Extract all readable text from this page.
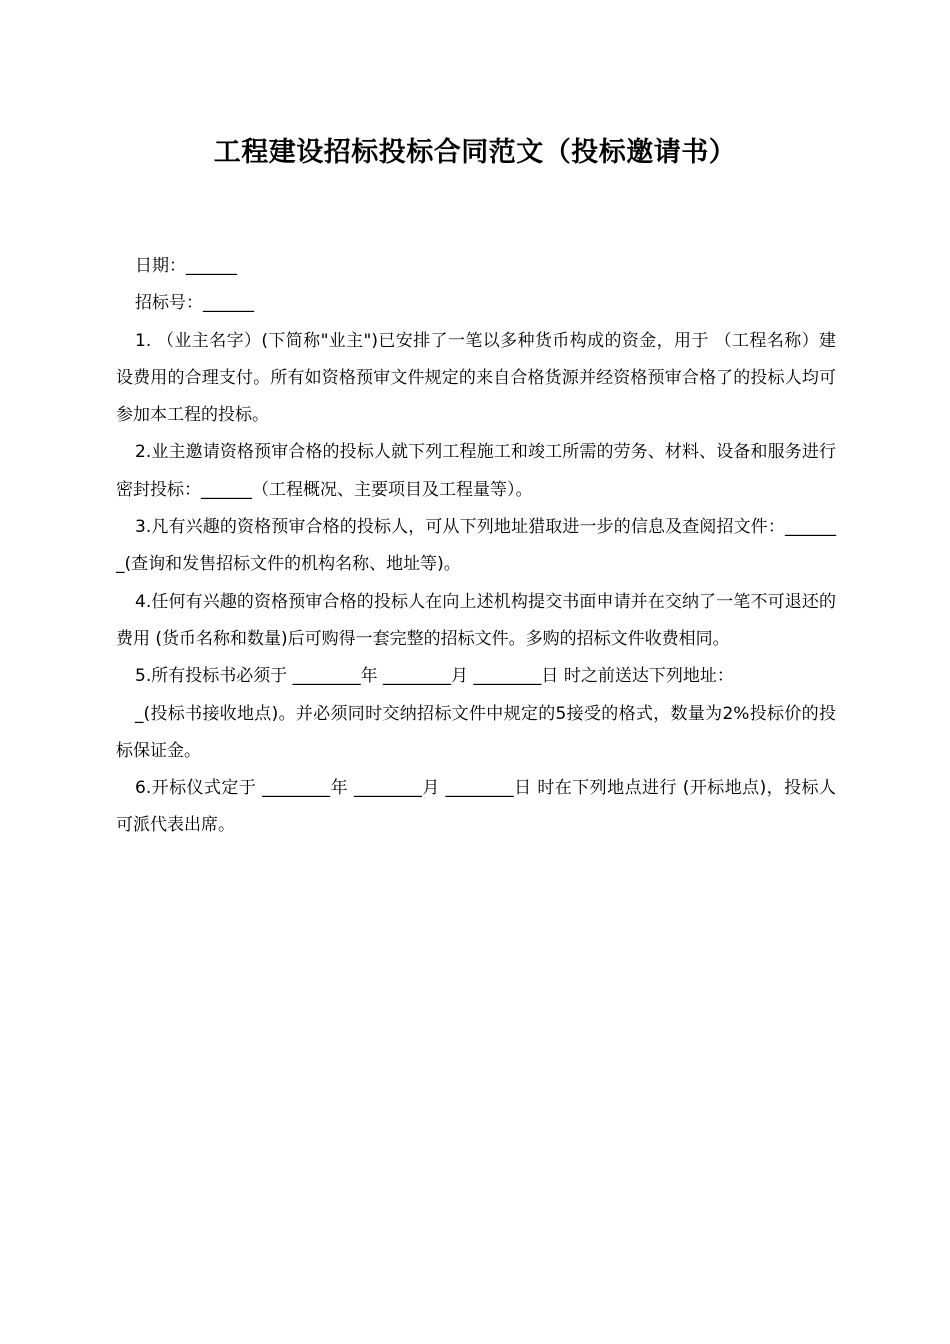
工程建设招标投标合同范文（投标邀请书）

日期：______

招标号：______

1. （业主名字）(下简称"业主")已安排了一笔以多种货币构成的资金，用于 （工程名称）建设费用的合理支付。所有如资格预审文件规定的来自合格货源并经资格预审合格了的投标人均可参加本工程的投标。

2.业主邀请资格预审合格的投标人就下列工程施工和竣工所需的劳务、材料、设备和服务进行密封投标：______（工程概况、主要项目及工程量等）。

3.凡有兴趣的资格预审合格的投标人，可从下列地址猎取进一步的信息及查阅招文件：______ _(查询和发售招标文件的机构名称、地址等)。

4.任何有兴趣的资格预审合格的投标人在向上述机构提交书面申请并在交纳了一笔不可退还的费用 (货币名称和数量)后可购得一套完整的招标文件。多购的招标文件收费相同。

5.所有投标书必须于 ________年 ________月 ________日 时之前送达下列地址：

_(投标书接收地点)。并必须同时交纳招标文件中规定的5接受的格式，数量为2%投标价的投标保证金。

6.开标仪式定于 ________年 ________月 ________日 时在下列地点进行 (开标地点)，投标人可派代表出席。
